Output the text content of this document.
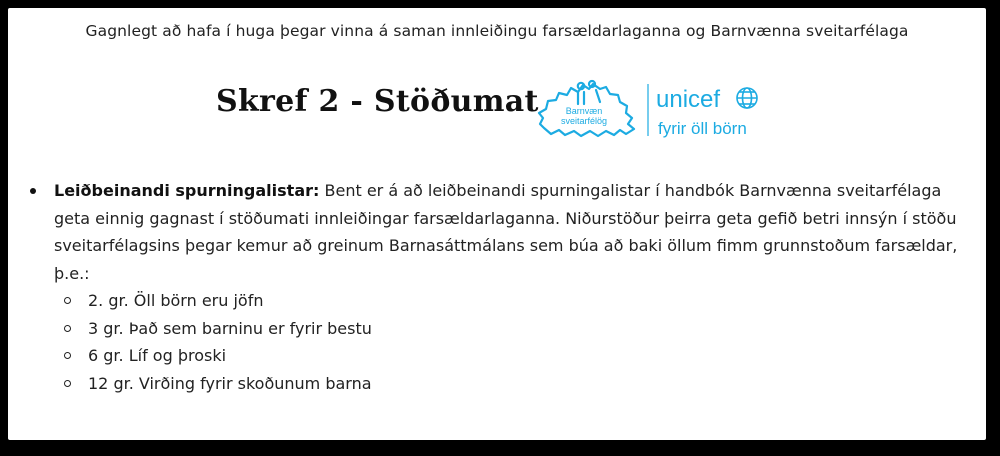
Gagnlegt að hafa í huga þegar vinna á saman innleiðingu farsældarlaganna og Barnvænna sveitarfélaga
Skref 2 - Stöðumat	Barnvæn
sveitarfélög
unicef
fyrir öll börn
Leiðbeinandi spurningalistar: Bent er á að leiðbeinandi spurningalistar í handbók Barnvænna sveitarfélaga geta einnig gagnast í stöðumati innleiðingar farsældarlaganna. Niðurstöður þeirra geta gefið betri innsýn í stöðu sveitarfélagsins þegar kemur að greinum Barnasáttmálans sem búa að baki öllum fimm grunnstoðum farsældar, þ.e.:
2. gr. Öll börn eru jöfn
3 gr. Það sem barninu er fyrir bestu
6 gr. Líf og þroski
12 gr. Virðing fyrir skoðunum barna
